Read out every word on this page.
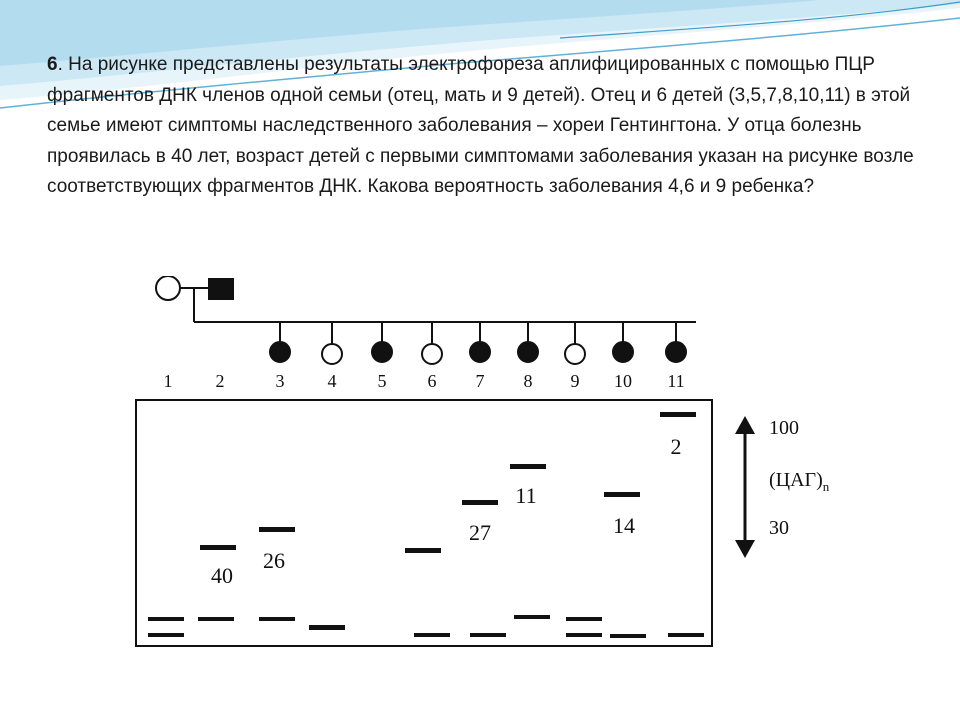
6. На рисунке представлены результаты электрофореза аплифицированных с помощью ПЦР фрагментов ДНК членов одной семьи (отец, мать и 9 детей). Отец и 6 детей (3,5,7,8,10,11) в этой семье имеют симптомы наследственного заболевания – хореи Гентингтона. У отца болезнь проявилась в 40 лет, возраст детей с первыми симптомами заболевания указан на рисунке возле соответствующих фрагментов ДНК. Какова вероятность заболевания 4,6 и 9 ребенка?
1 2	3 4 5 6 7 8 9 10 11
40
26
27
11
14
2
100
$(ЦАГ)_n$
30
